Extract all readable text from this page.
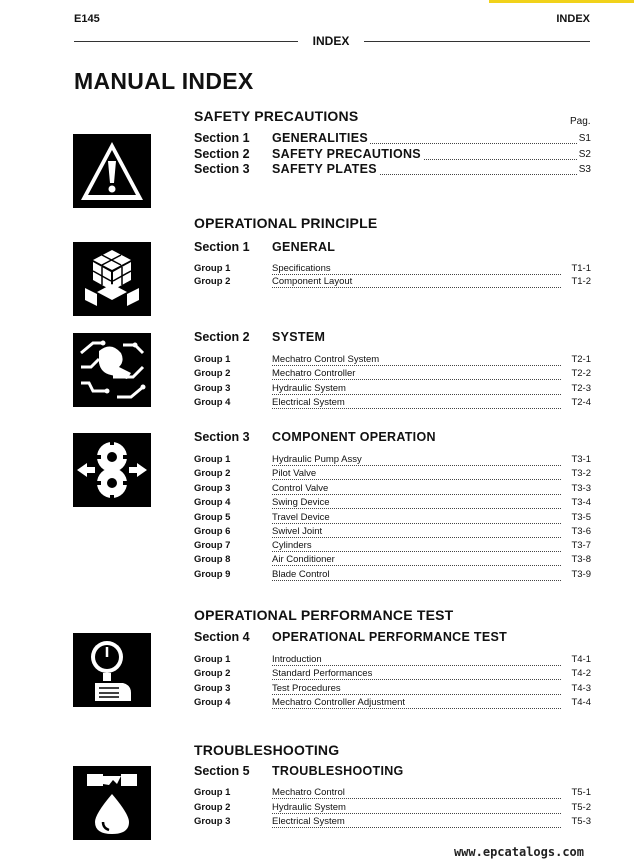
E145	INDEX
INDEX
MANUAL INDEX
SAFETY PRECAUTIONS	Pag.
Section 1 GENERALITIES	S1
Section 2 SAFETY PRECAUTIONS	S2
Section 3 SAFETY PLATES	S3
OPERATIONAL PRINCIPLE
Section 1 GENERAL
Group 1	Specifications	T1-1
Group 2	Component Layout	T1-2
Section 2 SYSTEM
Group 1	Mechatro Control System	T2-1
Group 2	Mechatro Controller	T2-2
Group 3	Hydraulic System	T2-3
Group 4	Electrical System	T2-4
Section 3 COMPONENT OPERATION
Group 1	Hydraulic Pump Assy	T3-1
Group 2	Pilot Valve	T3-2
Group 3	Control Valve	T3-3
Group 4	Swing Device	T3-4
Group 5	Travel Device	T3-5
Group 6	Swivel Joint	T3-6
Group 7	Cylinders	T3-7
Group 8	Air Conditioner	T3-8
Group 9	Blade Control	T3-9
OPERATIONAL PERFORMANCE TEST
Section 4 OPERATIONAL PERFORMANCE TEST
Group 1	Introduction	T4-1
Group 2	Standard Performances	T4-2
Group 3	Test Procedures	T4-3
Group 4	Mechatro Controller Adjustment	T4-4
TROUBLESHOOTING
Section 5 TROUBLESHOOTING
Group 1	Mechatro Control	T5-1
Group 2	Hydraulic System	T5-2
Group 3	Electrical System	T5-3
www.epcatalogs.com
